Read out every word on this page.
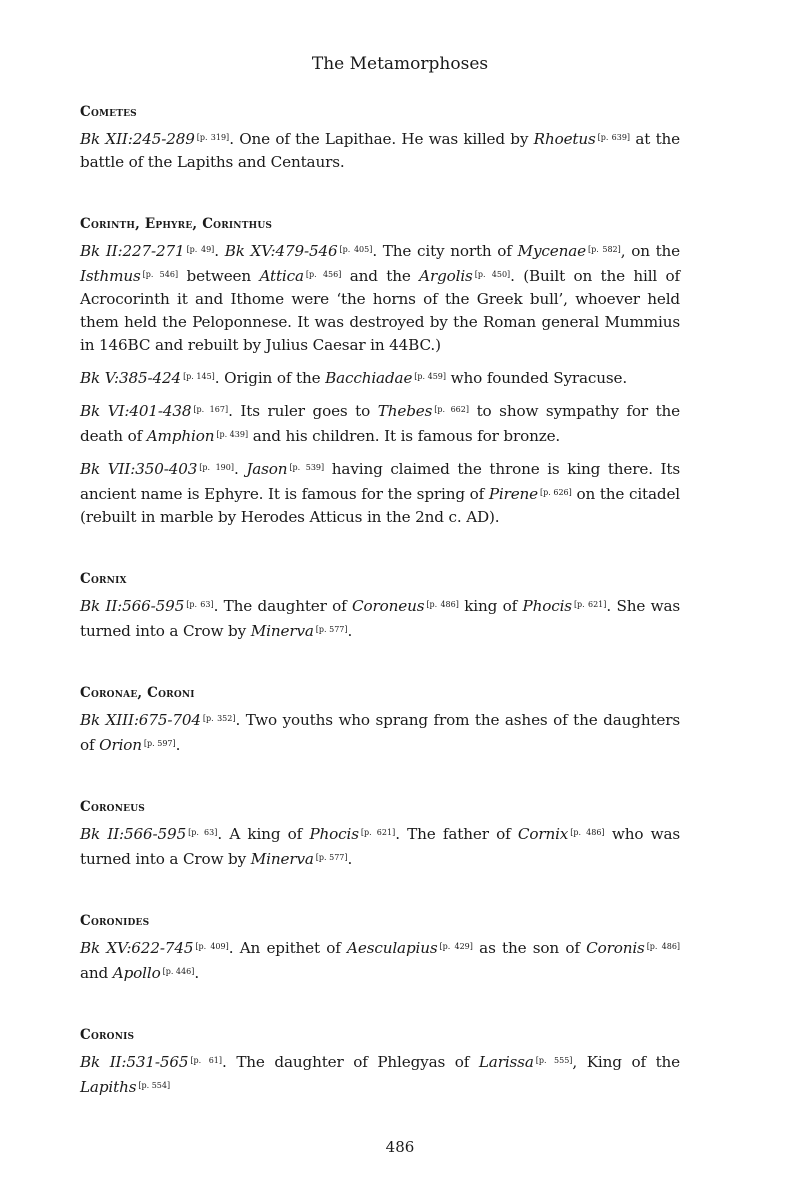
The Metamorphoses
Cometes

Bk XII:245-289 [p. 319]. One of the Lapithae. He was killed by Rhoetus [p. 639] at the battle of the Lapiths and Centaurs.

Corinth, Ephyre, Corinthus

Bk II:227-271 [p. 49]. Bk XV:479-546 [p. 405]. The city north of Mycenae [p. 582], on the Isthmus [p. 546] between Attica [p. 456] and the Argolis [p. 450]. (Built on the hill of Acrocorinth it and Ithome were ‘the horns of the Greek bull’, whoever held them held the Peloponnese. It was destroyed by the Roman general Mummius in 146BC and rebuilt by Julius Caesar in 44BC.)

Bk V:385-424 [p. 145]. Origin of the Bacchiadae [p. 459] who founded Syracuse.

Bk VI:401-438 [p. 167]. Its ruler goes to Thebes [p. 662] to show sympathy for the death of Amphion [p. 439] and his children. It is famous for bronze.

Bk VII:350-403 [p. 190]. Jason [p. 539] having claimed the throne is king there. Its ancient name is Ephyre. It is famous for the spring of Pirene [p. 626] on the citadel (rebuilt in marble by Herodes Atticus in the 2nd c. AD).

Cornix

Bk II:566-595 [p. 63]. The daughter of Coroneus [p. 486] king of Phocis [p. 621]. She was turned into a Crow by Minerva [p. 577].

Coronae, Coroni

Bk XIII:675-704 [p. 352]. Two youths who sprang from the ashes of the daughters of Orion [p. 597].

Coroneus

Bk II:566-595 [p. 63]. A king of Phocis [p. 621]. The father of Cornix [p. 486] who was turned into a Crow by Minerva [p. 577].

Coronides

Bk XV:622-745 [p. 409]. An epithet of Aesculapius [p. 429] as the son of Coronis [p. 486] and Apollo [p. 446].

Coronis

Bk II:531-565 [p. 61]. The daughter of Phlegyas of Larissa [p. 555], King of the Lapiths [p. 554]

486
